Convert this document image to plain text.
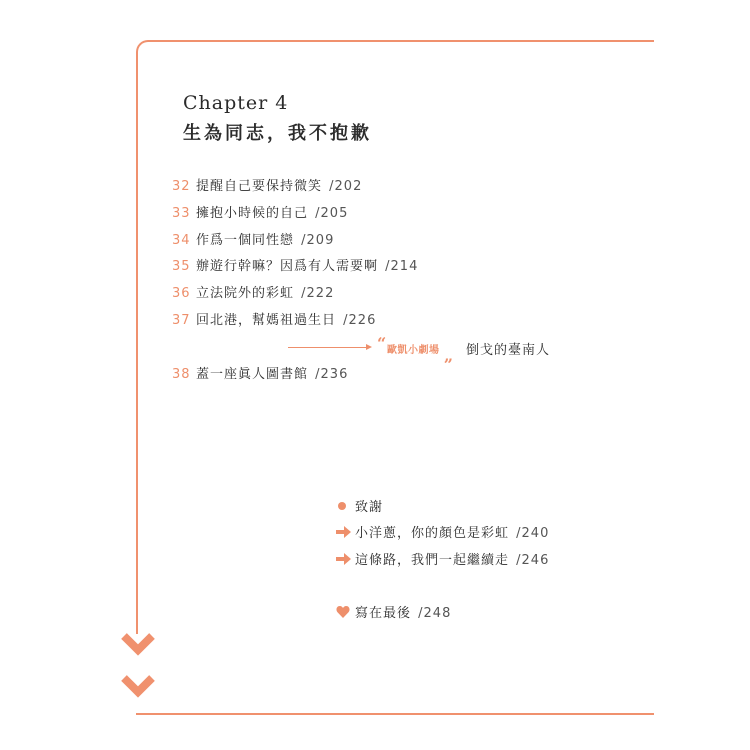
Chapter 4
生為同志，我不抱歉
32 提醒自己要保持微笑 /202
33 擁抱小時候的自己 /205
34 作爲一個同性戀 /209
35 辦遊行幹嘛？因爲有人需要啊 /214
36 立法院外的彩虹 /222
37 回北港，幫媽祖過生日 /226
“ 歐凱小劇場 „ 倒戈的臺南人
38 蓋一座眞人圖書館 /236
致謝
小洋蔥，你的顏色是彩虹 /240
這條路，我們一起繼續走 /246
寫在最後 /248
